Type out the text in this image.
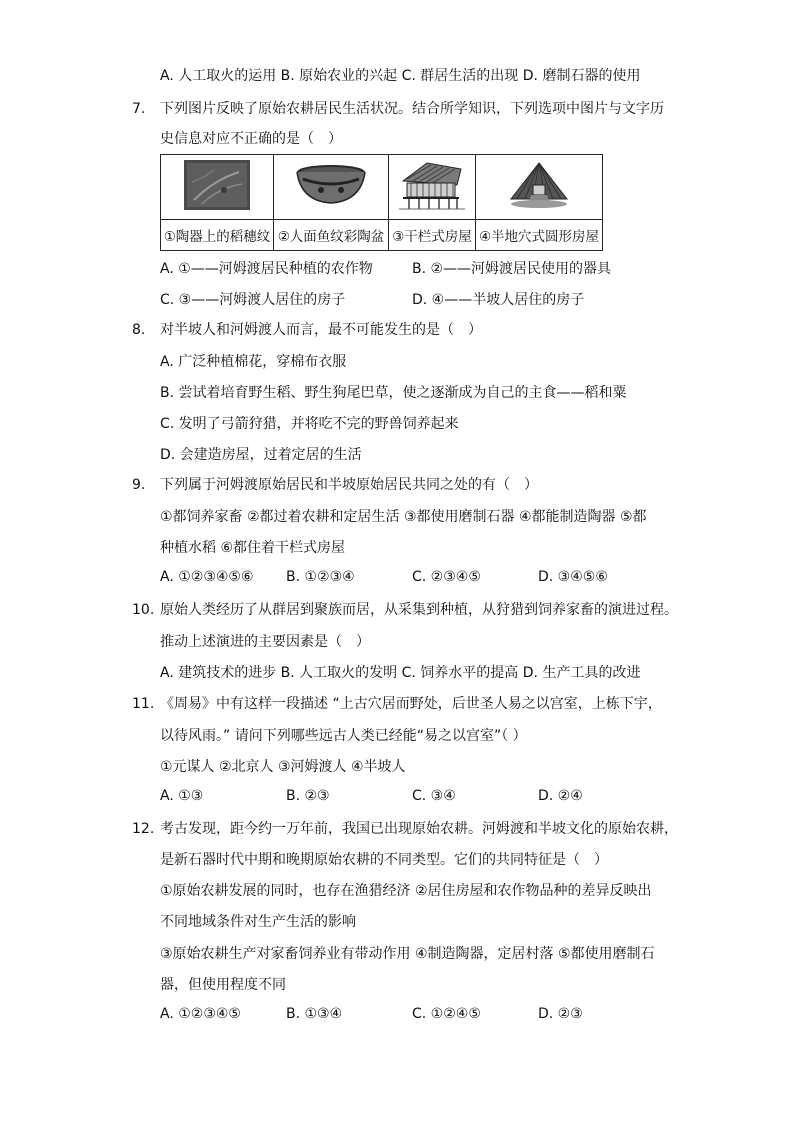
A. 人工取火的运用 B. 原始农业的兴起 C. 群居生活的出现 D. 磨制石器的使用
7. 下列图片反映了原始农耕居民生活状况。结合所学知识，下列选项中图片与文字历
史信息对应不正确的是（　）

①陶器上的稻穗纹	②人面鱼纹彩陶盆	③干栏式房屋	④半地穴式圆形房屋
A. ①——河姆渡居民种植的农作物	B. ②——河姆渡居民使用的器具
C. ③——河姆渡人居住的房子	D. ④——半坡人居住的房子
8. 对半坡人和河姆渡人而言，最不可能发生的是（　）
A. 广泛种植棉花，穿棉布衣服
B. 尝试着培育野生稻、野生狗尾巴草，使之逐渐成为自己的主食——稻和粟
C. 发明了弓箭狩猎，并将吃不完的野兽饲养起来
D. 会建造房屋，过着定居的生活
9. 下列属于河姆渡原始居民和半坡原始居民共同之处的有（　）
①都饲养家畜 ②都过着农耕和定居生活 ③都使用磨制石器 ④都能制造陶器 ⑤都
种植水稻 ⑥都住着干栏式房屋
A. ①②③④⑤⑥ B. ①②③④	C. ②③④⑤	D. ③④⑤⑥
10. 原始人类经历了从群居到聚族而居，从采集到种植，从狩猎到饲养家畜的演进过程。
推动上述演进的主要因素是（　）
A. 建筑技术的进步 B. 人工取火的发明 C. 饲养水平的提高 D. 生产工具的改进
11. 《周易》中有这样一段描述 “上古穴居而野处，后世圣人易之以宫室，上栋下宇，
以待风雨。” 请问下列哪些远古人类已经能“易之以宫室”（ ）
①元谋人 ②北京人 ③河姆渡人 ④半坡人
A. ①③	B. ②③	C. ③④	D. ②④
12. 考古发现，距今约一万年前，我国已出现原始农耕。河姆渡和半坡文化的原始农耕，
是新石器时代中期和晚期原始农耕的不同类型。它们的共同特征是（　）
①原始农耕发展的同时，也存在渔猎经济 ②居住房屋和农作物品种的差异反映出
不同地域条件对生产生活的影响
③原始农耕生产对家畜饲养业有带动作用 ④制造陶器，定居村落 ⑤都使用磨制石
器，但使用程度不同
A. ①②③④⑤	B. ①③④	C. ①②④⑤	D. ②③
